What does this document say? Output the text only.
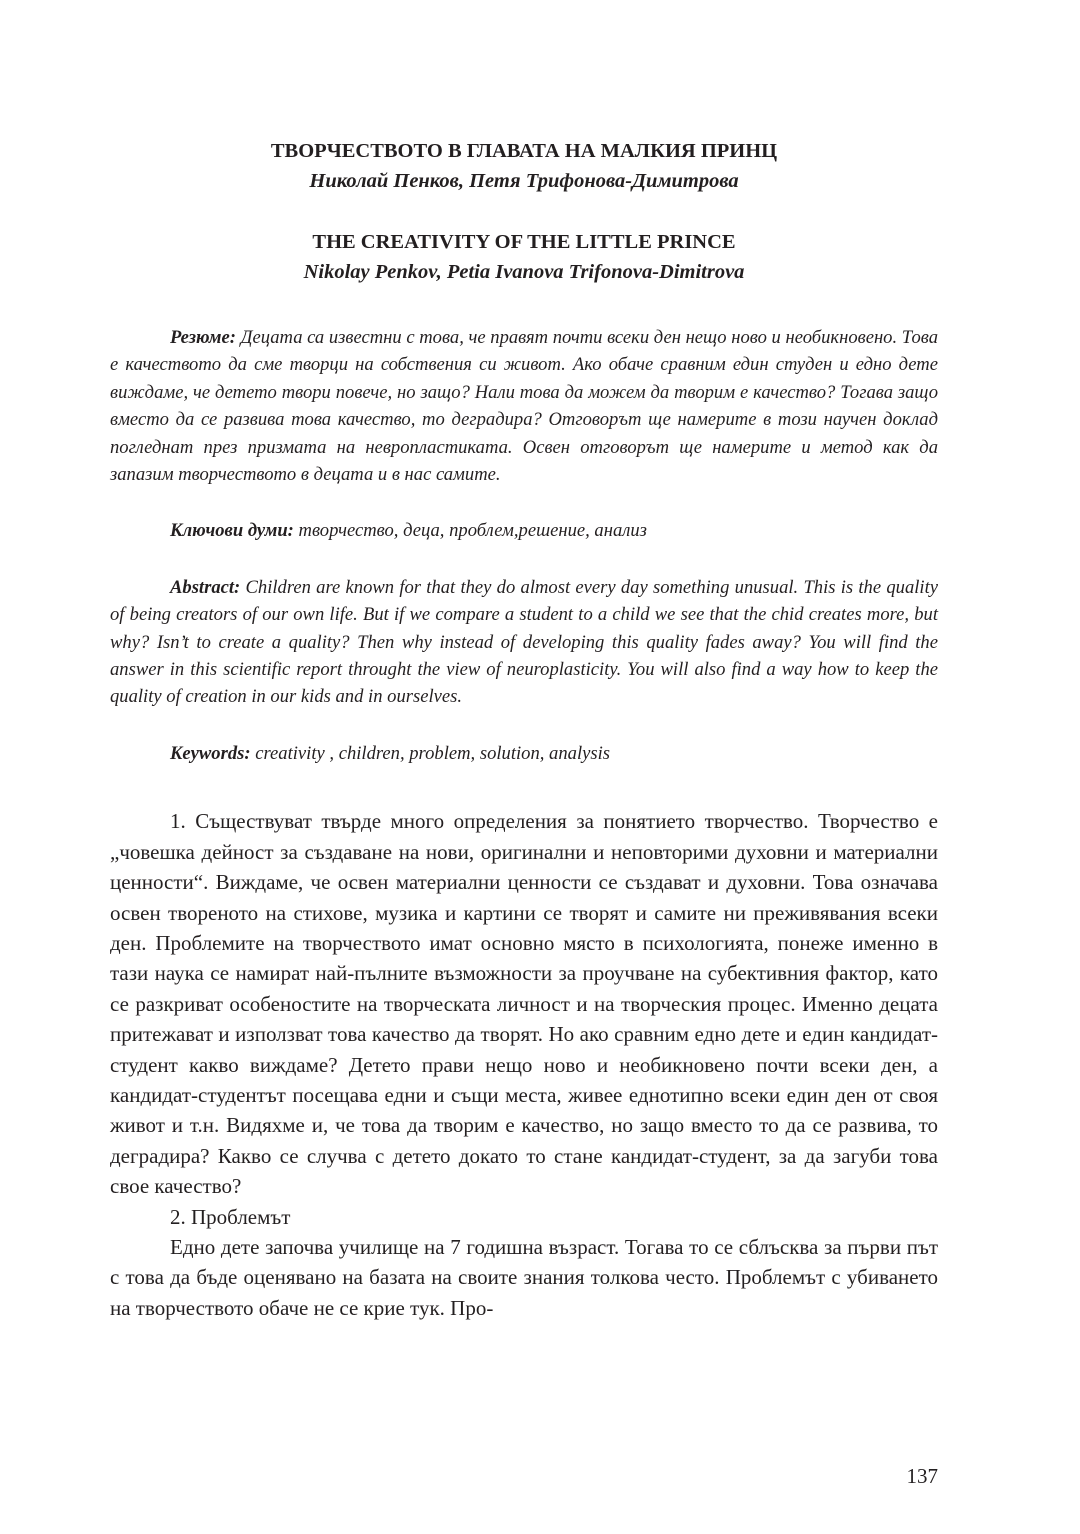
ТВОРЧЕСТВОТО В ГЛАВАТА НА МАЛКИЯ ПРИНЦ
Николай Пенков, Петя Трифонова-Димитрова
THE CREATIVITY OF THE LITTLE PRINCE
Nikolay Penkov, Petia Ivanova Trifonova-Dimitrova

Резюме: Децата са известни с това, че правят почти всеки ден нещо ново и необикновено. Това е качеството да сме творци на собствения си живот. Ако обаче сравним един студен и едно дете виждаме, че детето твори повече, но защо? Нали това да можем да творим е качество? Тогава защо вместо да се развива това качество, то деградира? Отговорът ще намерите в този научен доклад погледнат през призмата на невропластиката. Освен отговорът ще намерите и метод как да запазим творчеството в децата и в нас самите.

Ключови думи: творчество, деца, проблем,решение, анализ

Abstract: Children are known for that they do almost every day something unusual. This is the quality of being creators of our own life. But if we compare a student to a child we see that the chid creates more, but why? Isn’t to create a quality? Then why instead of developing this quality fades away? You will find the answer in this scientific report throught the view of neuroplasticity. You will also find a way how to keep the quality of creation in our kids and in ourselves.

Keywords: creativity , children, problem, solution, analysis

1. Съществуват твърде много определения за понятието творчество. Творчество е „човешка дейност за създаване на нови, оригинални и неповторими духовни и материални ценности“. Виждаме, че освен материални ценности се създават и духовни. Това означава освен твореното на стихове, музика и картини се творят и самите ни преживявания всеки ден. Проблемите на творчеството имат основно място в психологията, понеже именно в тази наука се намират най-пълните възможности за проучване на субективния фактор, като се разкриват особеностите на творческата личност и на творческия процес. Именно децата притежават и използват това качество да творят. Но ако сравним едно дете и един кандидат-студент какво виждаме? Детето прави нещо ново и необикновено почти всеки ден, а кандидат-студентът посещава едни и същи места, живее еднотипно всеки един ден от своя живот и т.н. Видяхме и, че това да творим е качество, но защо вместо то да се развива, то деградира? Какво се случва с детето докато то стане кандидат-студент, за да загуби това свое качество?

2. Проблемът

Едно дете започва училище на 7 годишна възраст. Тогава то се сблъсква за първи път с това да бъде оценявано на базата на своите знания толкова често. Проблемът с убиването на творчеството обаче не се крие тук. Про-

137
